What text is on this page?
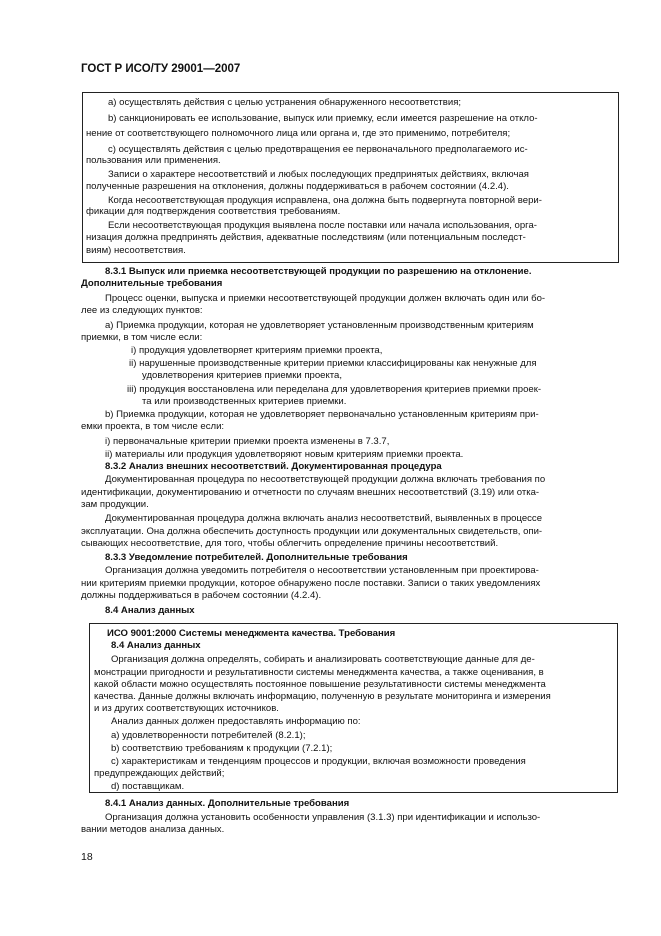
ГОСТ Р ИСО/ТУ 29001—2007
а) осуществлять действия с целью устранения обнаруженного несоответствия;
b) санкционировать ее использование, выпуск или приемку, если имеется разрешение на откло-
нение от соответствующего полномочного лица или органа и, где это применимо, потребителя;
с) осуществлять действия с целью предотвращения ее первоначального предполагаемого ис-
пользования или применения.
Записи о характере несоответствий и любых последующих предпринятых действиях, включая
полученные разрешения на отклонения, должны поддерживаться в рабочем состоянии (4.2.4).
Когда несоответствующая продукция исправлена, она должна быть подвергнута повторной вери-
фикации для подтверждения соответствия требованиям.
Если несоответствующая продукция выявлена после поставки или начала использования, орга-
низация должна предпринять действия, адекватные последствиям (или потенциальным последст-
виям) несоответствия.
8.3.1 Выпуск или приемка несоответствующей продукции по разрешению на отклонение.
Дополнительные требования
Процесс оценки, выпуска и приемки несоответствующей продукции должен включать один или бо-
лее из следующих пунктов:
а) Приемка продукции, которая не удовлетворяет установленным производственным критериям
приемки, в том числе если:
i) продукция удовлетворяет критериям приемки проекта,
ii) нарушенные производственные критерии приемки классифицированы как ненужные для
удовлетворения критериев приемки проекта,
iii) продукция восстановлена или переделана для удовлетворения критериев приемки проек-
та или производственных критериев приемки.
b) Приемка продукции, которая не удовлетворяет первоначально установленным критериям при-
емки проекта, в том числе если:
i) первоначальные критерии приемки проекта изменены в 7.3.7,
ii) материалы или продукция удовлетворяют новым критериям приемки проекта.
8.3.2 Анализ внешних несоответствий. Документированная процедура
Документированная процедура по несоответствующей продукции должна включать требования по
идентификации, документированию и отчетности по случаям внешних несоответствий (3.19) или отка-
зам продукции.
Документированная процедура должна включать анализ несоответствий, выявленных в процессе
эксплуатации. Она должна обеспечить доступность продукции или документальных свидетельств, опи-
сывающих несоответствие, для того, чтобы облегчить определение причины несоответствий.
8.3.3 Уведомление потребителей. Дополнительные требования
Организация должна уведомить потребителя о несоответствии установленным при проектирова-
нии критериям приемки продукции, которое обнаружено после поставки. Записи о таких уведомлениях
должны поддерживаться в рабочем состоянии (4.2.4).
8.4 Анализ данных
ИСО 9001:2000 Системы менеджмента качества. Требования
8.4 Анализ данных
Организация должна определять, собирать и анализировать соответствующие данные для де-
монстрации пригодности и результативности системы менеджмента качества, а также оценивания, в
какой области можно осуществлять постоянное повышение результативности системы менеджмента
качества. Данные должны включать информацию, полученную в результате мониторинга и измерения
и из других соответствующих источников.
Анализ данных должен предоставлять информацию по:
а) удовлетворенности потребителей (8.2.1);
b) соответствию требованиям к продукции (7.2.1);
с) характеристикам и тенденциям процессов и продукции, включая возможности проведения
предупреждающих действий;
d) поставщикам.
8.4.1 Анализ данных. Дополнительные требования
Организация должна установить особенности управления (3.1.3) при идентификации и использо-
вании методов анализа данных.
18
